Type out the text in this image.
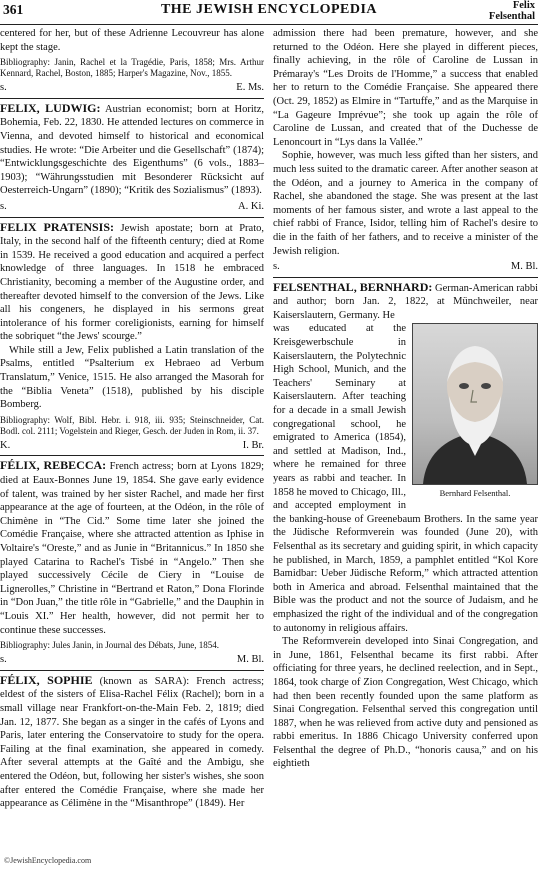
361	THE JEWISH ENCYCLOPEDIA	Felix
Felsenthal

centered for her, but of these Adrienne Lecouvreur has alone kept the stage.

Bibliography: Janin, Rachel et la Tragédie, Paris, 1858; Mrs. Arthur Kennard, Rachel, Boston, 1885; Harper's Magazine, Nov., 1855.

s.	E. Ms.

FELIX, LUDWIG: Austrian economist; born at Horitz, Bohemia, Feb. 22, 1830. He attended lectures on commerce in Vienna, and devoted himself to historical and economical studies. He wrote: “Die Arbeiter und die Gesellschaft” (1874); “Entwicklungsgeschichte des Eigenthums” (6 vols., 1883–1903); “Währungsstudien mit Besonderer Rücksicht auf Oesterreich-Ungarn” (1890); “Kritik des Sozialismus” (1893).

s.	A. Ki.

FELIX PRATENSIS: Jewish apostate; born at Prato, Italy, in the second half of the fifteenth century; died at Rome in 1539. He received a good education and acquired a perfect knowledge of three languages. In 1518 he embraced Christianity, becoming a member of the Augustine order, and thereafter devoted himself to the conversion of the Jews. Like all his congeners, he displayed in his sermons great intolerance of his former coreligionists, earning for himself the sobriquet “the Jews' scourge.”

While still a Jew, Felix published a Latin translation of the Psalms, entitled “Psalterium ex Hebraeo ad Verbum Translatum,” Venice, 1515. He also arranged the Masorah for the “Biblia Veneta” (1518), published by his disciple Bomberg.

Bibliography: Wolf, Bibl. Hebr. i. 918, iii. 935; Steinschneider, Cat. Bodl. col. 2111; Vogelstein and Rieger, Gesch. der Juden in Rom, ii. 37.

K.	I. Br.

FÉLIX, REBECCA: French actress; born at Lyons 1829; died at Eaux-Bonnes June 19, 1854. She gave early evidence of talent, was trained by her sister Rachel, and made her first appearance at the age of fourteen, at the Odéon, in the rôle of Chimène in “The Cid.” Some time later she joined the Comédie Française, where she attracted attention as Iphise in Voltaire's “Oreste,” and as Junie in “Britannicus.” In 1850 she played Catarina to Rachel's Tisbé in “Angelo.” Then she played successively Cécile de Ciery in “Louise de Lignerolles,” Christine in “Bertrand et Raton,” Dona Florinde in “Don Juan,” the title rôle in “Gabrielle,” and the Dauphin in “Louis XI.” Her health, however, did not permit her to continue these successes.

Bibliography: Jules Janin, in Journal des Débats, June, 1854.

s.	M. Bl.

FÉLIX, SOPHIE (known as SARA): French actress; eldest of the sisters of Elisa-Rachel Félix (Rachel); born in a small village near Frankfort-on-the-Main Feb. 2, 1819; died Jan. 12, 1877. She began as a singer in the cafés of Lyons and Paris, later entering the Conservatoire to study for the opera. Failing at the final examination, she appeared in comedy. After several attempts at the Gaîté and the Ambigu, she entered the Odéon, but, following her sister's wishes, she soon after entered the Comédie Française, where she made her appearance as Célimène in the “Misanthrope” (1849). Her

admission there had been premature, however, and she returned to the Odéon. Here she played in different pieces, finally achieving, in the rôle of Caroline de Lussan in Prémaray's “Les Droits de l'Homme,” a success that enabled her to return to the Comédie Française. She appeared there (Oct. 29, 1852) as Elmire in “Tartuffe,” and as the Marquise in “La Gageure Imprévue”; she took up again the rôle of Caroline de Lussan, and created that of the Duchesse de Lenoncourt in “Lys dans la Vallée.”

Sophie, however, was much less gifted than her sisters, and much less suited to the dramatic career. After another season at the Odéon, and a journey to America in the company of Rachel, she abandoned the stage. She was present at the last moments of her famous sister, and wrote a last appeal to the chief rabbi of France, Isidor, telling him of Rachel's desire to die in the faith of her fathers, and to receive a minister of the Jewish religion.

s.	M. Bl.

FELSENTHAL, BERNHARD: German-American rabbi and author; born Jan. 2, 1822, at Münchweiler, near Kaiserslautern, Germany. He

Bernhard Felsenthal.

was educated at the Kreisgewerbschule in Kaiserslautern, the Polytechnic High School, Munich, and the Teachers' Seminary at Kaiserslautern. After teaching for a decade in a small Jewish congregational school, he emigrated to America (1854), and settled at Madison, Ind., where he remained for three years as rabbi and teacher. In 1858 he moved to Chicago, Ill., and accepted employment in the banking-house of Greenebaum Brothers. In the same year the Jüdische Reformverein was founded (June 20), with Felsenthal as its secretary and guiding spirit, in which capacity he published, in March, 1859, a pamphlet entitled “Kol Kore Bamidbar: Ueber Jüdische Reform,” which attracted attention both in America and abroad. Felsenthal maintained that the Bible was the product and not the source of Judaism, and he emphasized the right of the individual and of the congregation to autonomy in religious affairs.

The Reformverein developed into Sinai Congregation, and in June, 1861, Felsenthal became its first rabbi. After officiating for three years, he declined reelection, and in Sept., 1864, took charge of Zion Congregation, West Chicago, which had then been recently founded upon the same platform as Sinai Congregation. Felsenthal served this congregation until 1887, when he was relieved from active duty and pensioned as rabbi emeritus. In 1886 Chicago University conferred upon Felsenthal the degree of Ph.D., “honoris causa,” and on his eightieth

©JewishEncyclopedia.com
